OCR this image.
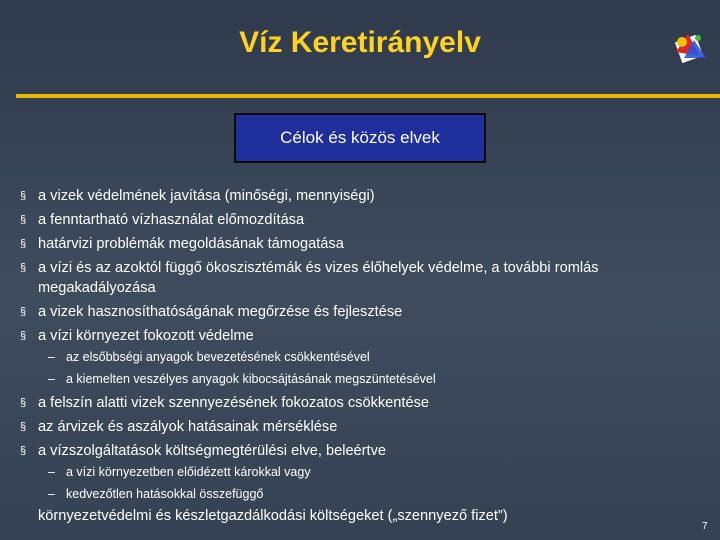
Víz Keretirányelv
Célok és közös elvek
§ a vizek védelmének javítása (minőségi, mennyiségi)
§ a fenntartható vízhasználat előmozdítása
§ határvizi problémák megoldásának támogatása
§ a vízi és az azoktól függő ökoszisztémák és vizes élőhelyek védelme, a további romlás megakadályozása
§ a vizek hasznosíthatóságának megőrzése és fejlesztése
§ a vízi környezet fokozott védelme
§ a felszín alatti vizek szennyezésének fokozatos csökkentése
§ az árvizek és aszályok hatásainak mérséklése
§ a vízszolgáltatások költségmegtérülési elve, beleértve
– az elsőbbségi anyagok bevezetésének csökkentésével
– a kiemelten veszélyes anyagok kibocsájtásának megszüntetésével
– a vízi környezetben előidézett károkkal vagy
– kedvezőtlen hatásokkal összefüggő
környezetvédelmi és készletgazdálkodási költségeket („szennyező fizet”)
7
